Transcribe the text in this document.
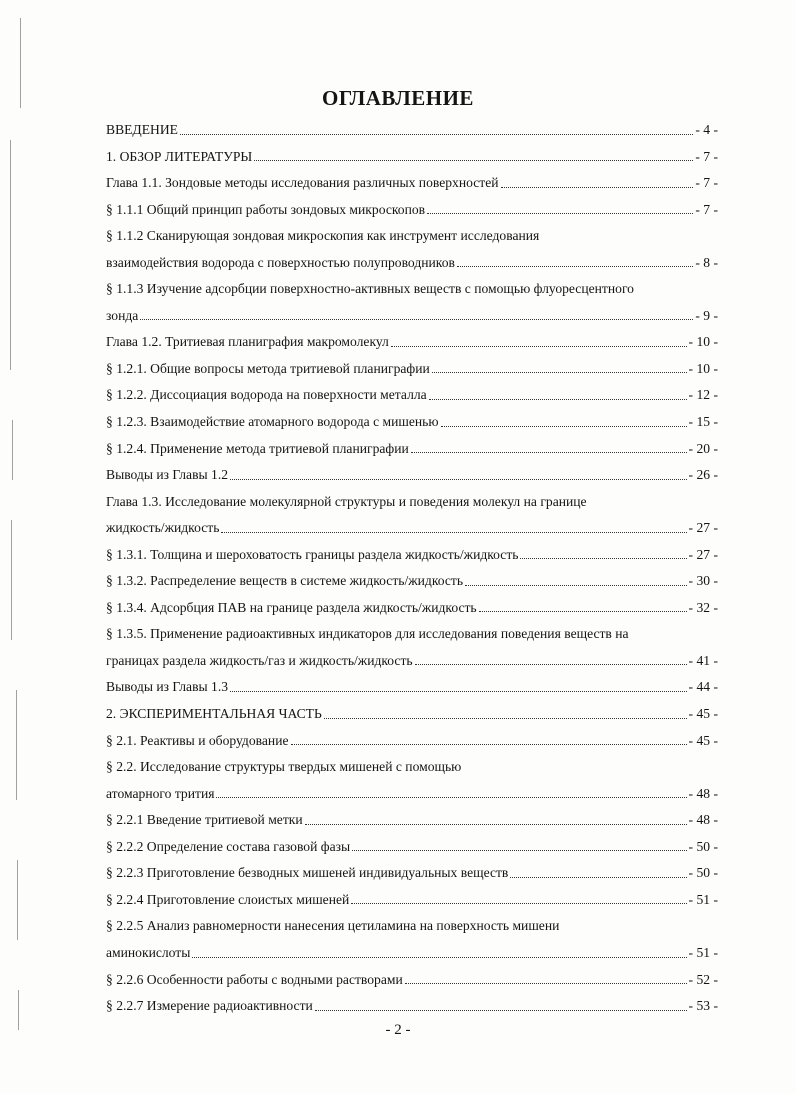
ОГЛАВЛЕНИЕ
ВВЕДЕНИЕ	- 4 -
1. ОБЗОР ЛИТЕРАТУРЫ	- 7 -
Глава 1.1. Зондовые методы исследования различных поверхностей	- 7 -
§ 1.1.1 Общий принцип работы зондовых микроскопов	- 7 -
§ 1.1.2 Сканирующая зондовая микроскопия как инструмент исследования
взаимодействия водорода с поверхностью полупроводников	- 8 -
§ 1.1.3 Изучение адсорбции поверхностно-активных веществ с помощью флуоресцентного
зонда	- 9 -
Глава 1.2. Тритиевая планиграфия макромолекул	- 10 -
§ 1.2.1. Общие вопросы метода тритиевой планиграфии	- 10 -
§ 1.2.2. Диссоциация водорода на поверхности металла	- 12 -
§ 1.2.3. Взаимодействие атомарного водорода с мишенью	- 15 -
§ 1.2.4. Применение метода тритиевой планиграфии	- 20 -
Выводы из Главы 1.2	- 26 -
Глава 1.3. Исследование молекулярной структуры и поведения молекул на границе
жидкость/жидкость	- 27 -
§ 1.3.1. Толщина и шероховатость границы раздела жидкость/жидкость	- 27 -
§ 1.3.2. Распределение веществ в системе жидкость/жидкость	- 30 -
§ 1.3.4. Адсорбция ПАВ на границе раздела жидкость/жидкость	- 32 -
§ 1.3.5. Применение радиоактивных индикаторов для исследования поведения веществ на
границах раздела жидкость/газ и жидкость/жидкость	- 41 -
Выводы из Главы 1.3	- 44 -
2. ЭКСПЕРИМЕНТАЛЬНАЯ ЧАСТЬ	- 45 -
§ 2.1. Реактивы и оборудование	- 45 -
§ 2.2. Исследование структуры твердых мишеней с помощью
атомарного трития	- 48 -
§ 2.2.1 Введение тритиевой метки	- 48 -
§ 2.2.2 Определение состава газовой фазы	- 50 -
§ 2.2.3 Приготовление безводных мишеней индивидуальных веществ	- 50 -
§ 2.2.4 Приготовление слоистых мишеней	- 51 -
§ 2.2.5 Анализ равномерности нанесения цетиламина на поверхность мишени
аминокислоты	- 51 -
§ 2.2.6 Особенности работы с водными растворами	- 52 -
§ 2.2.7 Измерение радиоактивности	- 53 -
- 2 -
